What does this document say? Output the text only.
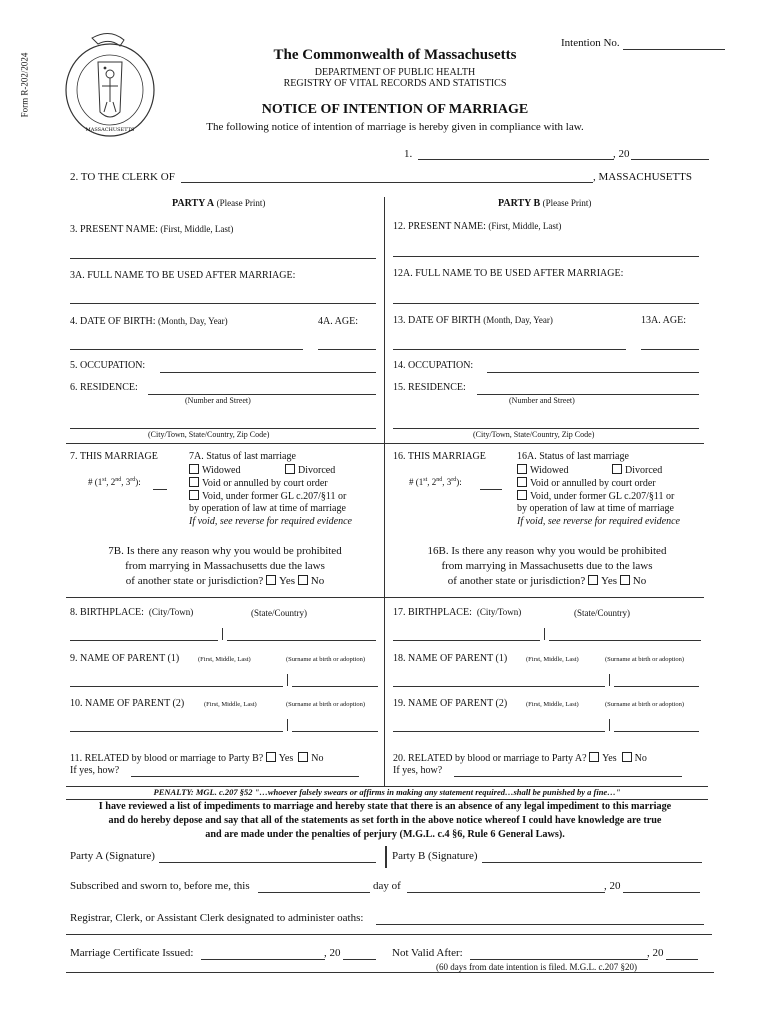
Form R-202/2024
MASSACHUSETTS
Intention No.
The Commonwealth of Massachusetts
DEPARTMENT OF PUBLIC HEALTH
REGISTRY OF VITAL RECORDS AND STATISTICS
NOTICE OF INTENTION OF MARRIAGE
The following notice of intention of marriage is hereby given in compliance with law.
1.	, 20
2. TO THE CLERK OF	, MASSACHUSETTS
PARTY A (Please Print)
3. PRESENT NAME: (First, Middle, Last)
3A. FULL NAME TO BE USED AFTER MARRIAGE:
4. DATE OF BIRTH: (Month, Day, Year)	4A. AGE:
5. OCCUPATION:
6. RESIDENCE:
(Number and Street)
(City/Town, State/Country, Zip Code)
7. THIS MARRIAGE
# (1st, 2nd, 3rd):
7A. Status of last marriage
Widowed	Divorced
Void or annulled by court order
Void, under former GL c.207/§11 or
by operation of law at time of marriage
If void, see reverse for required evidence
7B. Is there any reason why you would be prohibited
from marrying in Massachusetts due the laws
of another state or jurisdiction? Yes No
8. BIRTHPLACE: (City/Town)	(State/Country)
9. NAME OF PARENT (1)	(First, Middle, Last)	(Surname at birth or adoption)
10. NAME OF PARENT (2)	(First, Middle, Last)	(Surname at birth or adoption)
11. RELATED by blood or marriage to Party B? Yes No
If yes, how?
PARTY B (Please Print)
12. PRESENT NAME: (First, Middle, Last)
12A. FULL NAME TO BE USED AFTER MARRIAGE:
13. DATE OF BIRTH (Month, Day, Year)	13A. AGE:
14. OCCUPATION:
15. RESIDENCE:
(Number and Street)
(City/Town, State/Country, Zip Code)
16. THIS MARRIAGE
# (1st, 2nd, 3rd):
16A. Status of last marriage
Widowed	Divorced
Void or annulled by court order
Void, under former GL c.207/§11 or
by operation of law at time of marriage
If void, see reverse for required evidence
16B. Is there any reason why you would be prohibited
from marrying in Massachusetts due to the laws
of another state or jurisdiction? Yes No
17. BIRTHPLACE: (City/Town)	(State/Country)
18. NAME OF PARENT (1)	(First, Middle, Last)	(Surname at birth or adoption)
19. NAME OF PARENT (2)	(First, Middle, Last)	(Surname at birth or adoption)
20. RELATED by blood or marriage to Party A? Yes No
If yes, how?
PENALTY: MGL. c.207 §52 "…whoever falsely swears or affirms in making any statement required…shall be punished by a fine…"
I have reviewed a list of impediments to marriage and hereby state that there is an absence of any legal impediment to this marriage
and do hereby depose and say that all of the statements as set forth in the above notice whereof I could have knowledge are true
and are made under the penalties of perjury (M.G.L. c.4 §6, Rule 6 General Laws).
Party A (Signature)	Party B (Signature)
Subscribed and sworn to, before me, this	day of	, 20
Registrar, Clerk, or Assistant Clerk designated to administer oaths:
Marriage Certificate Issued:	, 20	Not Valid After:	, 20
(60 days from date intention is filed. M.G.L. c.207 §20)
